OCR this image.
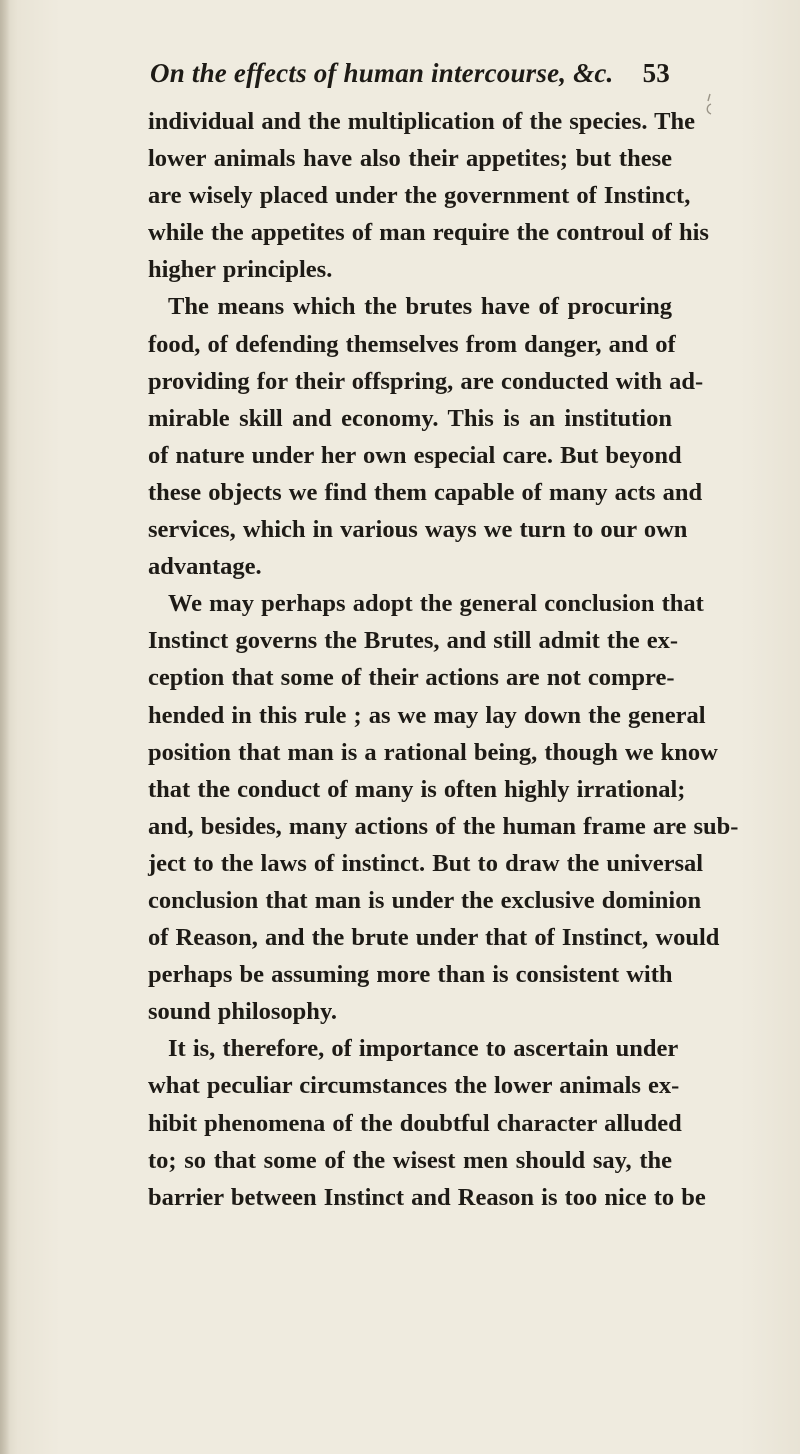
On the effects of human intercourse, &c. 53
individual and the multiplication of the species. The
lower animals have also their appetites; but these
are wisely placed under the government of Instinct,
while the appetites of man require the controul of his
higher principles.
The means which the brutes have of procuring
food, of defending themselves from danger, and of
providing for their offspring, are conducted with ad-
mirable skill and economy. This is an institution
of nature under her own especial care. But beyond
these objects we find them capable of many acts and
services, which in various ways we turn to our own
advantage.
We may perhaps adopt the general conclusion that
Instinct governs the Brutes, and still admit the ex-
ception that some of their actions are not compre-
hended in this rule ; as we may lay down the general
position that man is a rational being, though we know
that the conduct of many is often highly irrational;
and, besides, many actions of the human frame are sub-
ject to the laws of instinct. But to draw the universal
conclusion that man is under the exclusive dominion
of Reason, and the brute under that of Instinct, would
perhaps be assuming more than is consistent with
sound philosophy.
It is, therefore, of importance to ascertain under
what peculiar circumstances the lower animals ex-
hibit phenomena of the doubtful character alluded
to; so that some of the wisest men should say, the
barrier between Instinct and Reason is too nice to be
